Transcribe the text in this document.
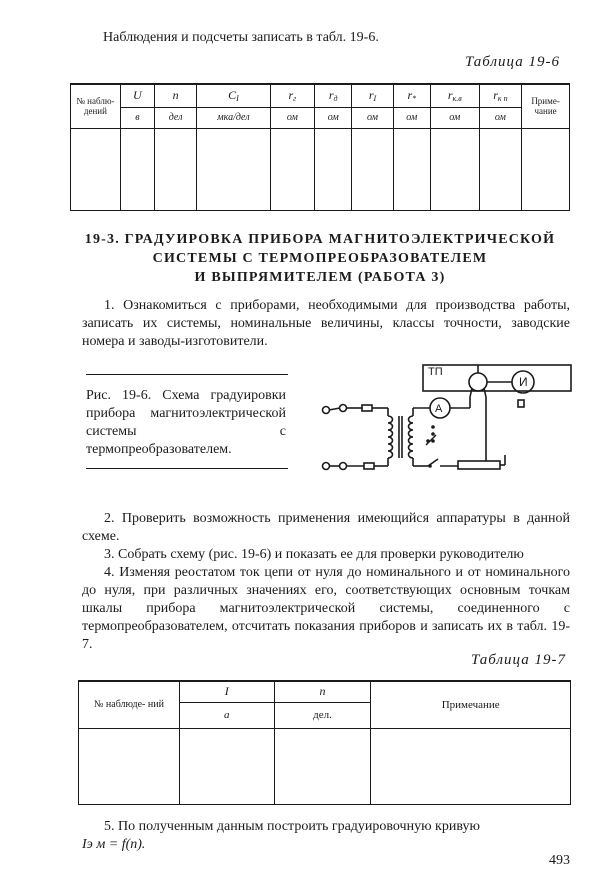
Наблюдения и подсчеты записать в табл. 19-6.
Таблица 19-6
№ наблю- дений	U	n	$C_I$	$r_г$	$r_д$	$r_I$	$r_*$	$r_{к.в}$	$r_{к п}$	Приме- чание
	в	дел	мка/дел	ом	ом	ом	ом	ом	ом	

19-3. ГРАДУИРОВКА ПРИБОРА МАГНИТОЭЛЕКТРИЧЕСКОЙ
СИСТЕМЫ С ТЕРМОПРЕОБРАЗОВАТЕЛЕМ
И ВЫПРЯМИТЕЛЕМ (РАБОТА 3)

1. Ознакомиться с приборами, необходимыми для производства работы, записать их системы, номинальные величины, классы точности, заводские номера и заводы-изготовители.

Рис. 19-6. Схема градуировки прибора магнитоэлектрической системы с термопреобразователем.
ТП
A
И

2. Проверить возможность применения имеющийся аппаратуры в данной схеме.

3. Собрать схему (рис. 19-6) и показать ее для проверки руководителю

4. Изменяя реостатом ток цепи от нуля до номинального и от номинального до нуля, при различных значениях его, соответствующих основным точкам шкалы прибора магнитоэлектрической системы, соединенного с термопреобразователем, отсчитать показания приборов и записать их в табл. 19-7.

Таблица 19-7
№ наблюде- ний	I	n	Примечание
	а	дел.	

5. По полученным данным построить градуировочную кривую

Iэ м = f(n).
493
